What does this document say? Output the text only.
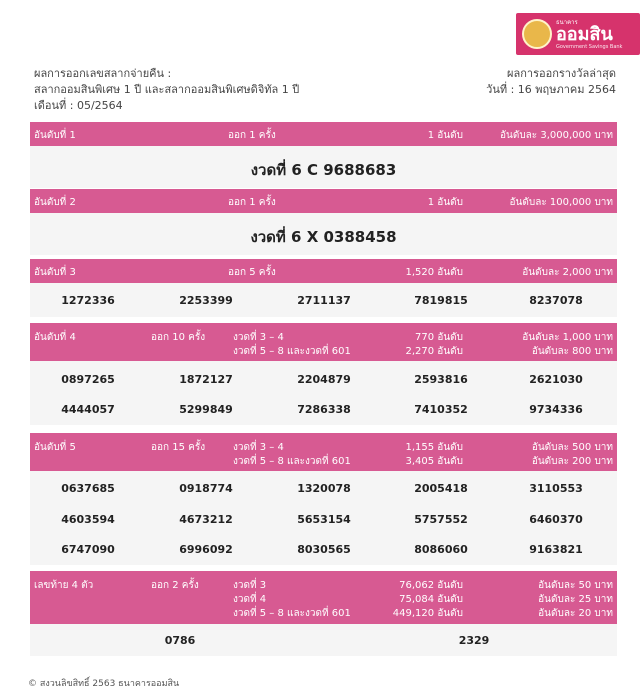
ธนาคาร
ออมสิน
Government Savings Bank
ผลการออกเลขสลากจ่ายคืน :
สลากออมสินพิเศษ 1 ปี และสลากออมสินพิเศษดิจิทัล 1 ปี
เดือนที่ : 05/2564
ผลการออกรางวัลล่าสุด
วันที่ : 16 พฤษภาคม 2564
อันดับที่ 1	ออก 1 ครั้ง	1 อันดับ	อันดับละ 3,000,000 บาท
งวดที่ 6 C 9688683
อันดับที่ 2	ออก 1 ครั้ง	1 อันดับ	อันดับละ 100,000 บาท
งวดที่ 6 X 0388458
อันดับที่ 3	ออก 5 ครั้ง	1,520 อันดับ	อันดับละ 2,000 บาท
1272336	2253399	2711137	7819815	8237078
อันดับที่ 4	ออก 10 ครั้ง	งวดที่ 3 – 4	770 อันดับ	อันดับละ 1,000 บาท
งวดที่ 5 – 8 และงวดที่ 601	2,270 อันดับ	อันดับละ 800 บาท
0897265	1872127	2204879	2593816	2621030
4444057	5299849	7286338	7410352	9734336
อันดับที่ 5	ออก 15 ครั้ง	งวดที่ 3 – 4	1,155 อันดับ	อันดับละ 500 บาท
งวดที่ 5 – 8 และงวดที่ 601	3,405 อันดับ	อันดับละ 200 บาท
0637685	0918774	1320078	2005418	3110553
4603594	4673212	5653154	5757552	6460370
6747090	6996092	8030565	8086060	9163821
เลขท้าย 4 ตัว	ออก 2 ครั้ง	งวดที่ 3	76,062 อันดับ	อันดับละ 50 บาท
งวดที่ 4	75,084 อันดับ	อันดับละ 25 บาท
งวดที่ 5 – 8 และงวดที่ 601	449,120 อันดับ	อันดับละ 20 บาท
0786	2329
© สงวนลิขสิทธิ์ 2563 ธนาคารออมสิน
